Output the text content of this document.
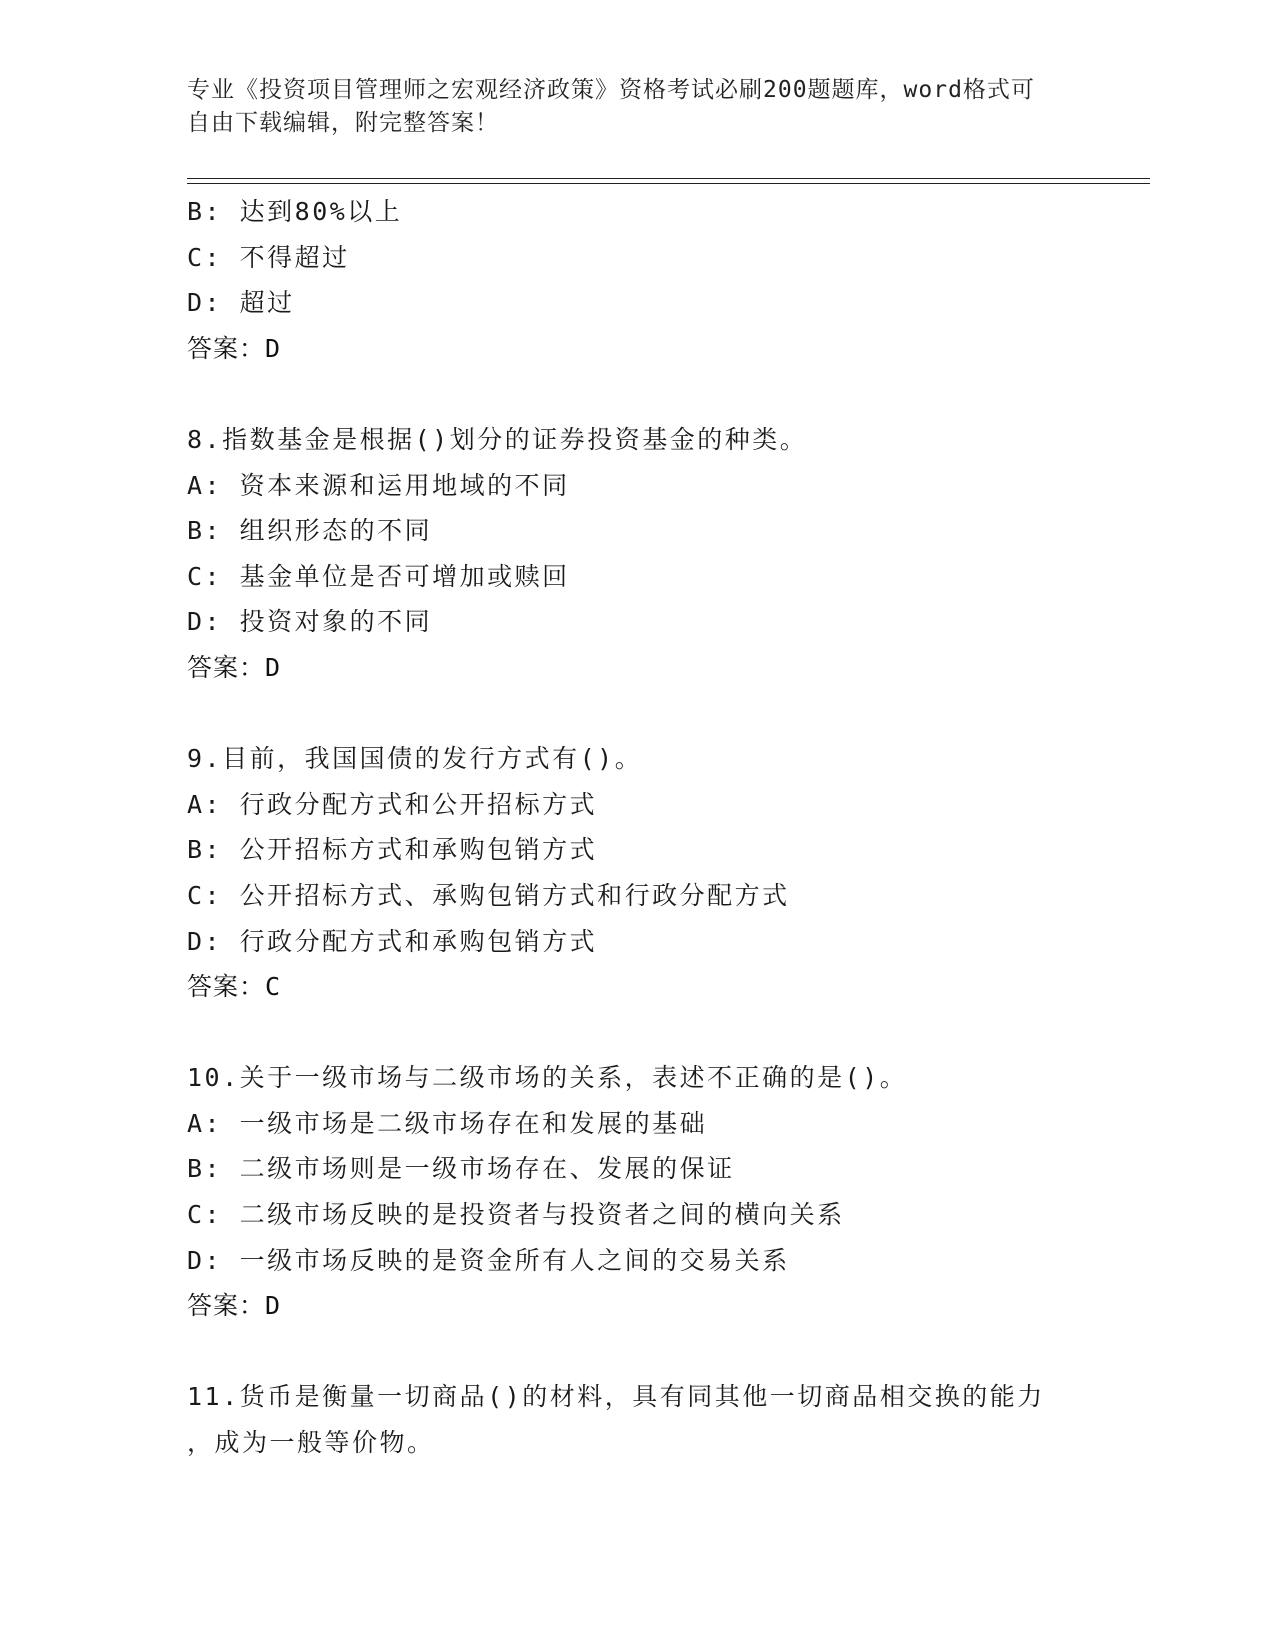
专业《投资项目管理师之宏观经济政策》资格考试必刷200题题库，word格式可
自由下载编辑，附完整答案！
B: 达到80%以上
C: 不得超过
D: 超过
答案：D
8.指数基金是根据()划分的证券投资基金的种类。
A: 资本来源和运用地域的不同
B: 组织形态的不同
C: 基金单位是否可增加或赎回
D: 投资对象的不同
答案：D
9.目前，我国国债的发行方式有()。
A: 行政分配方式和公开招标方式
B: 公开招标方式和承购包销方式
C: 公开招标方式、承购包销方式和行政分配方式
D: 行政分配方式和承购包销方式
答案：C
10.关于一级市场与二级市场的关系，表述不正确的是()。
A: 一级市场是二级市场存在和发展的基础
B: 二级市场则是一级市场存在、发展的保证
C: 二级市场反映的是投资者与投资者之间的横向关系
D: 一级市场反映的是资金所有人之间的交易关系
答案：D
11.货币是衡量一切商品()的材料，具有同其他一切商品相交换的能力
，成为一般等价物。
